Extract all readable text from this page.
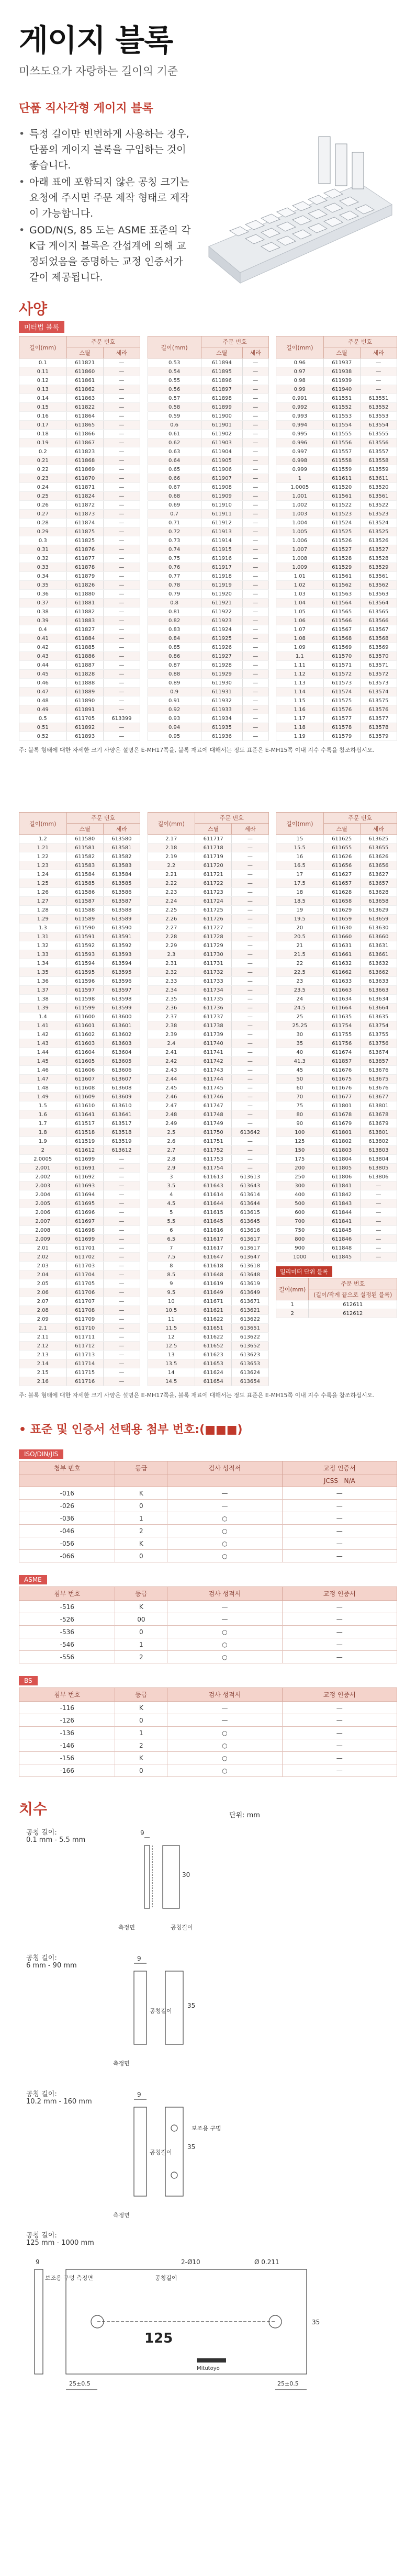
게이지 블록
미쓰도요가 자랑하는 길이의 기준
단품 직사각형 게이지 블록
• 특정 길이만 빈번하게 사용하는 경우, 단품의 게이지 블록을 구입하는 것이 좋습니다.
• 아래 표에 포함되지 않은 공칭 크기는 요청에 주시면 주문 제작 형태로 제작이 가능합니다.
• GOD/N(S, 85 도는 ASME 표준의 각 K급 게이지 블록은 간섭계에 의해 교정되었음을 증명하는 교정 인증서가 같이 제공됩니다.
사양
미터법 블록
길이(mm)	주문 번호	
	스틸	세라
0.1	611821	—
0.11	611860	—
0.12	611861	—
0.13	611862	—
0.14	611863	—
0.15	611822	—
0.16	611864	—
0.17	611865	—
0.18	611866	—
0.19	611867	—
0.2	611823	—
0.21	611868	—
0.22	611869	—
0.23	611870	—
0.24	611871	—
0.25	611824	—
0.26	611872	—
0.27	611873	—
0.28	611874	—
0.29	611875	—
0.3	611825	—
0.31	611876	—
0.32	611877	—
0.33	611878	—
0.34	611879	—
0.35	611826	—
0.36	611880	—
0.37	611881	—
0.38	611882	—
0.39	611883	—
0.4	611827	—
0.41	611884	—
0.42	611885	—
0.43	611886	—
0.44	611887	—
0.45	611828	—
0.46	611888	—
0.47	611889	—
0.48	611890	—
0.49	611891	—
0.5	611705	613399
0.51	611892	—
0.52	611893	—
길이(mm)	주문 번호	
	스틸	세라
0.53	611894	—
0.54	611895	—
0.55	611896	—
0.56	611897	—
0.57	611898	—
0.58	611899	—
0.59	611900	—
0.6	611901	—
0.61	611902	—
0.62	611903	—
0.63	611904	—
0.64	611905	—
0.65	611906	—
0.66	611907	—
0.67	611908	—
0.68	611909	—
0.69	611910	—
0.7	611911	—
0.71	611912	—
0.72	611913	—
0.73	611914	—
0.74	611915	—
0.75	611916	—
0.76	611917	—
0.77	611918	—
0.78	611919	—
0.79	611920	—
0.8	611921	—
0.81	611922	—
0.82	611923	—
0.83	611924	—
0.84	611925	—
0.85	611926	—
0.86	611927	—
0.87	611928	—
0.88	611929	—
0.89	611930	—
0.9	611931	—
0.91	611932	—
0.92	611933	—
0.93	611934	—
0.94	611935	—
0.95	611936	—
길이(mm)	주문 번호	
	스틸	세라
0.96	611937	—
0.97	611938	—
0.98	611939	—
0.99	611940	—
0.991	611551	613551
0.992	611552	613552
0.993	611553	613553
0.994	611554	613554
0.995	611555	613555
0.996	611556	613556
0.997	611557	613557
0.998	611558	613558
0.999	611559	613559
1	611611	613611
1.0005	611520	613520
1.001	611561	613561
1.002	611522	613522
1.003	611523	613523
1.004	611524	613524
1.005	611525	613525
1.006	611526	613526
1.007	611527	613527
1.008	611528	613528
1.009	611529	613529
1.01	611561	613561
1.02	611562	613562
1.03	611563	613563
1.04	611564	613564
1.05	611565	613565
1.06	611566	613566
1.07	611567	613567
1.08	611568	613568
1.09	611569	613569
1.1	611570	613570
1.11	611571	613571
1.12	611572	613572
1.13	611573	613573
1.14	611574	613574
1.15	611575	613575
1.16	611576	613576
1.17	611577	613577
1.18	611578	613578
1.19	611579	613579
주: 블록 형태에 대한 자세한 크기 사양은 설명은 E-MH17쪽을, 블록 재료에 대해서는 정도 표준은 E-MH15쪽 이내 지수 수록을 참조하십시오.
길이(mm)	주문 번호	
	스틸	세라
1.2	611580	613580
1.21	611581	613581
1.22	611582	613582
1.23	611583	613583
1.24	611584	613584
1.25	611585	613585
1.26	611586	613586
1.27	611587	613587
1.28	611588	613588
1.29	611589	613589
1.3	611590	613590
1.31	611591	613591
1.32	611592	613592
1.33	611593	613593
1.34	611594	613594
1.35	611595	613595
1.36	611596	613596
1.37	611597	613597
1.38	611598	613598
1.39	611599	613599
1.4	611600	613600
1.41	611601	613601
1.42	611602	613602
1.43	611603	613603
1.44	611604	613604
1.45	611605	613605
1.46	611606	613606
1.47	611607	613607
1.48	611608	613608
1.49	611609	613609
1.5	611610	613610
1.6	611641	613641
1.7	611517	613517
1.8	611518	613518
1.9	611519	613519
2	611612	613612
2.0005	611699	—
2.001	611691	—
2.002	611692	—
2.003	611693	—
2.004	611694	—
2.005	611695	—
2.006	611696	—
2.007	611697	—
2.008	611698	—
2.009	611699	—
2.01	611701	—
2.02	611702	—
2.03	611703	—
2.04	611704	—
2.05	611705	—
2.06	611706	—
2.07	611707	—
2.08	611708	—
2.09	611709	—
2.1	611710	—
2.11	611711	—
2.12	611712	—
2.13	611713	—
2.14	611714	—
2.15	611715	—
2.16	611716	—
길이(mm)	주문 번호	
	스틸	세라
2.17	611717	—
2.18	611718	—
2.19	611719	—
2.2	611720	—
2.21	611721	—
2.22	611722	—
2.23	611723	—
2.24	611724	—
2.25	611725	—
2.26	611726	—
2.27	611727	—
2.28	611728	—
2.29	611729	—
2.3	611730	—
2.31	611731	—
2.32	611732	—
2.33	611733	—
2.34	611734	—
2.35	611735	—
2.36	611736	—
2.37	611737	—
2.38	611738	—
2.39	611739	—
2.4	611740	—
2.41	611741	—
2.42	611742	—
2.43	611743	—
2.44	611744	—
2.45	611745	—
2.46	611746	—
2.47	611747	—
2.48	611748	—
2.49	611749	—
2.5	611750	613642
2.6	611751	—
2.7	611752	—
2.8	611753	—
2.9	611754	—
3	611613	613613
3.5	611643	613643
4	611614	613614
4.5	611644	613644
5	611615	613615
5.5	611645	613645
6	611616	613616
6.5	611617	613617
7	611617	613617
7.5	611647	613647
8	611618	613618
8.5	611648	613648
9	611619	613619
9.5	611649	613649
10	611671	613671
10.5	611621	613621
11	611622	613622
11.5	611651	613651
12	611622	613622
12.5	611652	613652
13	611623	613623
13.5	611653	613653
14	611624	613624
14.5	611654	613654
길이(mm)	주문 번호	
	스틸	세라
15	611625	613625
15.5	611655	613655
16	611626	613626
16.5	611656	613656
17	611627	613627
17.5	611657	613657
18	611628	613628
18.5	611658	613658
19	611629	613629
19.5	611659	613659
20	611630	613630
20.5	611660	613660
21	611631	613631
21.5	611661	613661
22	611632	613632
22.5	611662	613662
23	611633	613633
23.5	611663	613663
24	611634	613634
24.5	611664	613664
25	611635	613635
25.25	611754	613754
30	611755	613755
35	611756	613756
40	611674	613674
41.3	611857	613857
45	611676	613676
50	611675	613675
60	611676	613676
70	611677	613677
75	611801	613801
80	611678	613678
90	611679	613679
100	611801	613801
125	611802	613802
150	611803	613803
175	611804	613804
200	611805	613805
250	611806	613806
300	611841	—
400	611842	—
500	611843	—
600	611844	—
700	611841	—
750	611845	—
800	611846	—
900	611848	—
1000	611845	—
밀리미터 단위 블록
길이(mm)	주문 번호
	(길이/작게 끝으로 설정된 블록)
1	612611
2	612612
주: 블록 형태에 대한 자세한 크기 사양은 설명은 E-MH17쪽을, 블록 재료에 대해서는 정도 표준은 E-MH15쪽 이내 지수 수록을 참조하십시오.
• 표준 및 인증서 선택용 첨부 번호:(■■■)
ISO/DIN/JIS
첨부 번호	등급	검사 성적서	교정 인증서
			JCSS N/A
-016	K	—	—
-026	0	—	—
-036	1	○	—
-046	2	○	—
-056	K	○	—
-066	0	○	—
ASME
첨부 번호	등급	검사 성적서	교정 인증서
-516	K	—	—
-526	00	—	—
-536	0	○	—
-546	1	○	—
-556	2	○	—
BS
첨부 번호	등급	검사 성적서	교정 인증서
-116	K	—	—
-126	0	—	—
-136	1	○	—
-146	2	○	—
-156	K	○	—
-166	0	○	—
치수	단위: mm
공칭 길이:
0.1 mm - 5.5 mm
9
30
측정면	공칭길이
공칭 길이:
6 mm - 90 mm
9
35
측정면
공칭길이
공칭 길이:
10.2 mm - 160 mm
9
35
보조용 구멍
측정면
공칭길이
공칭 길이:
125 mm - 1000 mm
125
2-Ø10	Ø 0.211
25±0.5	25±0.5
9
35
Mitutoyo
측정면	공칭길이
보조용 구멍
